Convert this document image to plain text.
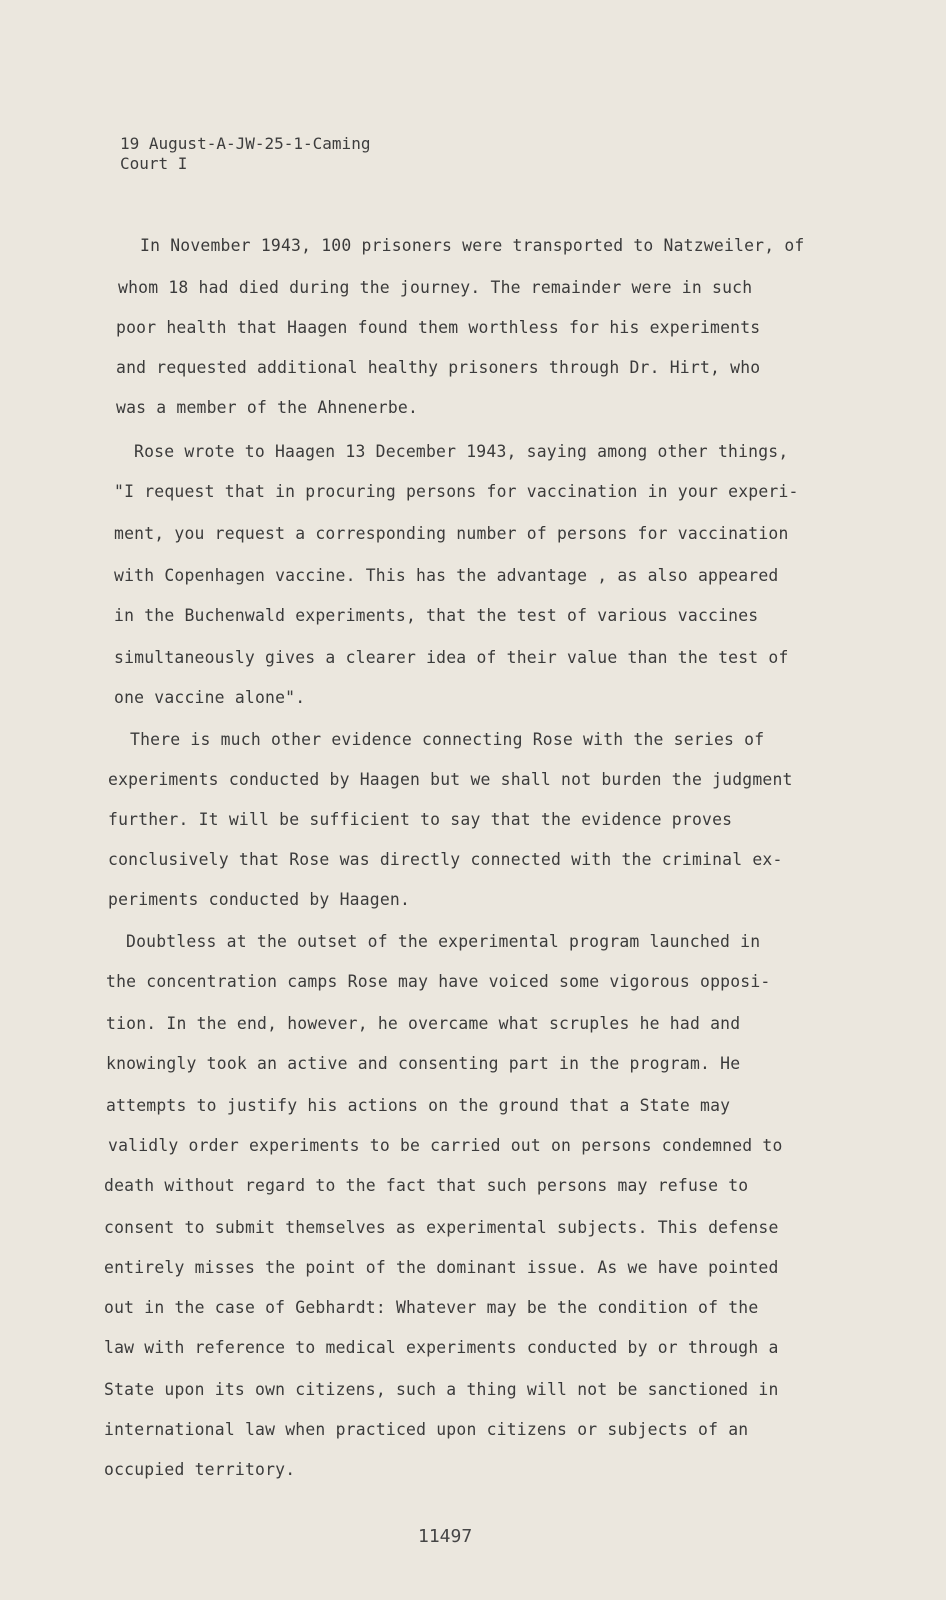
19 August-A-JW-25-1-Caming
Court I
In November 1943, 100 prisoners were transported to Natzweiler, of
whom 18 had died during the journey. The remainder were in such
poor health that Haagen found them worthless for his experiments
and requested additional healthy prisoners through Dr. Hirt, who
was a member of the Ahnenerbe.
Rose wrote to Haagen 13 December 1943, saying among other things,
"I request that in procuring persons for vaccination in your experi-
ment, you request a corresponding number of persons for vaccination
with Copenhagen vaccine. This has the advantage , as also appeared
in the Buchenwald experiments, that the test of various vaccines
simultaneously gives a clearer idea of their value than the test of
one vaccine alone".
There is much other evidence connecting Rose with the series of
experiments conducted by Haagen but we shall not burden the judgment
further. It will be sufficient to say that the evidence proves
conclusively that Rose was directly connected with the criminal ex-
periments conducted by Haagen.
Doubtless at the outset of the experimental program launched in
the concentration camps Rose may have voiced some vigorous opposi-
tion. In the end, however, he overcame what scruples he had and
knowingly took an active and consenting part in the program. He
attempts to justify his actions on the ground that a State may
validly order experiments to be carried out on persons condemned to
death without regard to the fact that such persons may refuse to
consent to submit themselves as experimental subjects. This defense
entirely misses the point of the dominant issue. As we have pointed
out in the case of Gebhardt: Whatever may be the condition of the
law with reference to medical experiments conducted by or through a
State upon its own citizens, such a thing will not be sanctioned in
international law when practiced upon citizens or subjects of an
occupied territory.
11497
